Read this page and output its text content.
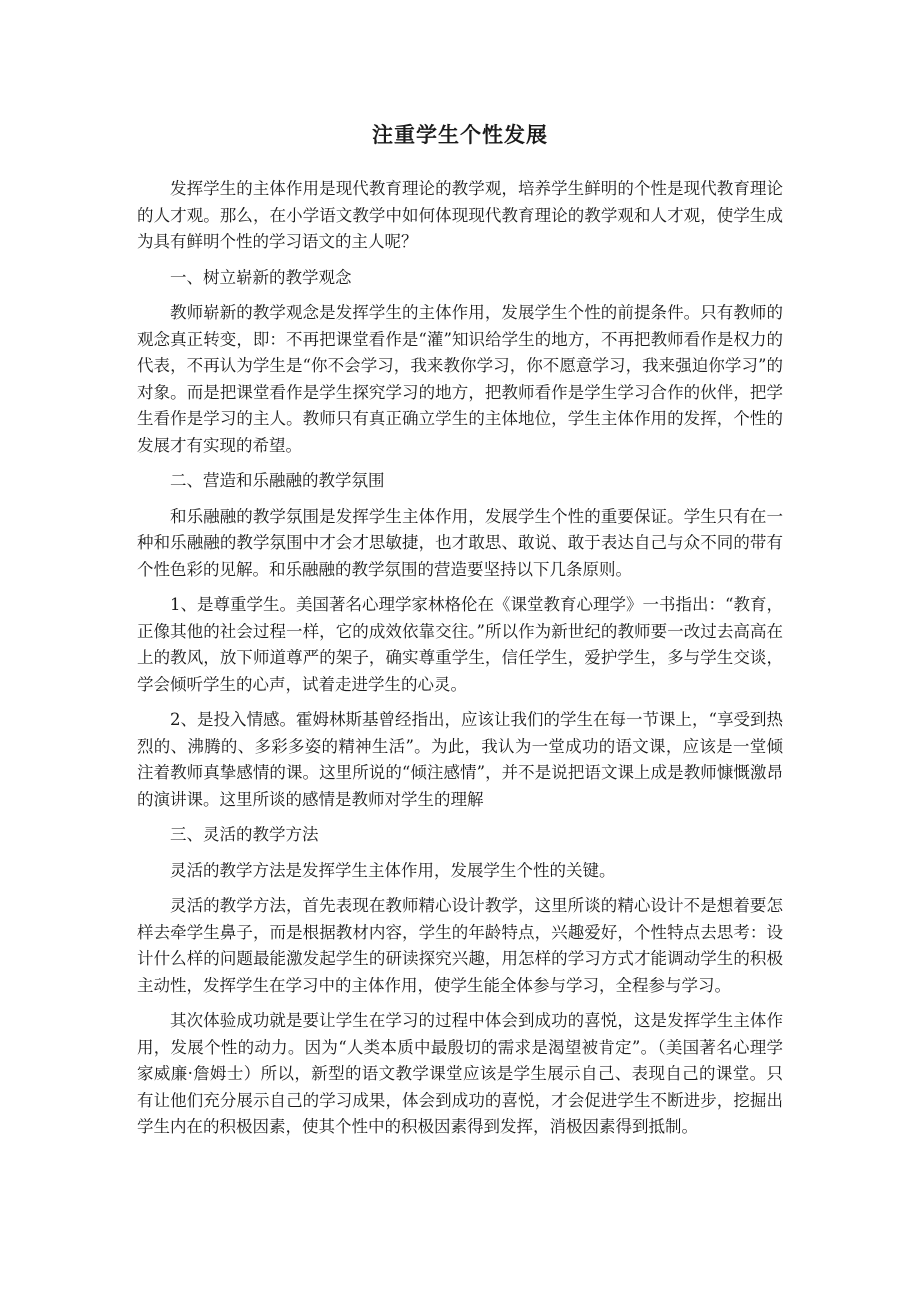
注重学生个性发展

发挥学生的主体作用是现代教育理论的教学观，培养学生鲜明的个性是现代教育理论的人才观。那么，在小学语文教学中如何体现现代教育理论的教学观和人才观，使学生成为具有鲜明个性的学习语文的主人呢？

一、树立崭新的教学观念

教师崭新的教学观念是发挥学生的主体作用，发展学生个性的前提条件。只有教师的观念真正转变，即：不再把课堂看作是“灌”知识给学生的地方，不再把教师看作是权力的代表，不再认为学生是“你不会学习，我来教你学习，你不愿意学习，我来强迫你学习”的对象。而是把课堂看作是学生探究学习的地方，把教师看作是学生学习合作的伙伴，把学生看作是学习的主人。教师只有真正确立学生的主体地位，学生主体作用的发挥，个性的发展才有实现的希望。

二、营造和乐融融的教学氛围

和乐融融的教学氛围是发挥学生主体作用，发展学生个性的重要保证。学生只有在一种和乐融融的教学氛围中才会才思敏捷，也才敢思、敢说、敢于表达自己与众不同的带有个性色彩的见解。和乐融融的教学氛围的营造要坚持以下几条原则。

1、是尊重学生。美国著名心理学家林格伦在《课堂教育心理学》一书指出：“教育，正像其他的社会过程一样，它的成效依靠交往。”所以作为新世纪的教师要一改过去高高在上的教风，放下师道尊严的架子，确实尊重学生，信任学生，爱护学生，多与学生交谈，学会倾听学生的心声，试着走进学生的心灵。

2、是投入情感。霍姆林斯基曾经指出，应该让我们的学生在每一节课上，“享受到热烈的、沸腾的、多彩多姿的精神生活”。为此，我认为一堂成功的语文课，应该是一堂倾注着教师真挚感情的课。这里所说的“倾注感情”，并不是说把语文课上成是教师慷慨激昂的演讲课。这里所谈的感情是教师对学生的理解

三、灵活的教学方法

灵活的教学方法是发挥学生主体作用，发展学生个性的关键。

灵活的教学方法，首先表现在教师精心设计教学，这里所谈的精心设计不是想着要怎样去牵学生鼻子，而是根据教材内容，学生的年龄特点，兴趣爱好，个性特点去思考：设计什么样的问题最能激发起学生的研读探究兴趣，用怎样的学习方式才能调动学生的积极主动性，发挥学生在学习中的主体作用，使学生能全体参与学习，全程参与学习。

其次体验成功就是要让学生在学习的过程中体会到成功的喜悦，这是发挥学生主体作用，发展个性的动力。因为“人类本质中最殷切的需求是渴望被肯定”。（美国著名心理学家威廉·詹姆士）所以，新型的语文教学课堂应该是学生展示自己、表现自己的课堂。只有让他们充分展示自己的学习成果，体会到成功的喜悦，才会促进学生不断进步，挖掘出学生内在的积极因素，使其个性中的积极因素得到发挥，消极因素得到抵制。
